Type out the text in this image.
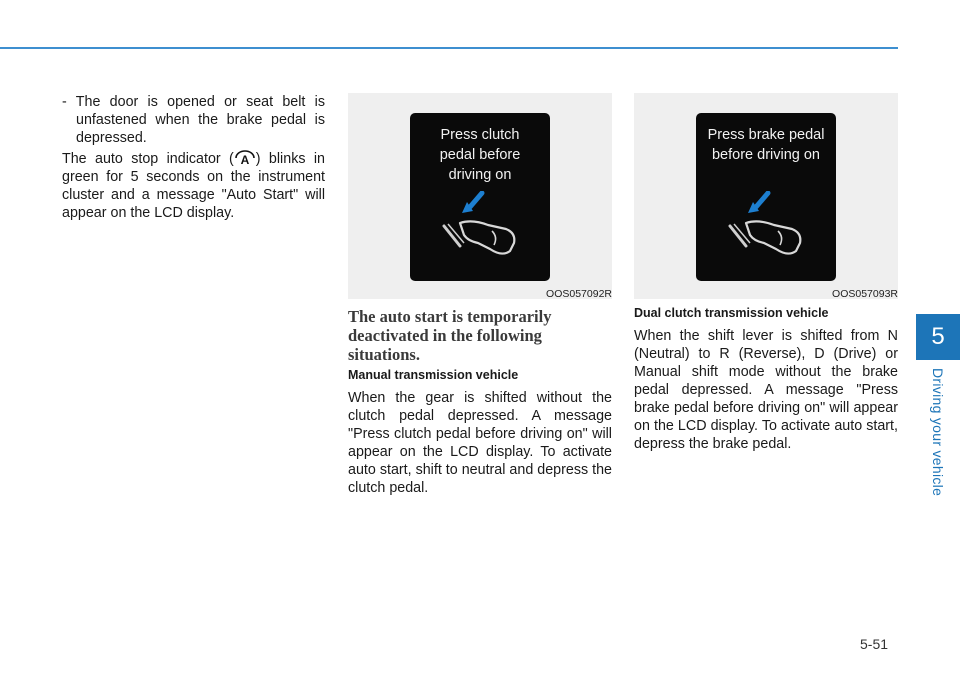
5
Driving your vehicle

- The door is opened or seat belt is unfastened when the brake pedal is depressed.

The auto stop indicator ( A ) blinks in green for 5 seconds on the instrument cluster and a message "Auto Start" will appear on the LCD display.

Press clutch
pedal before
driving on
OOS057092R
Press brake pedal
before driving on
OOS057093R
The auto start is temporarily deactivated in the following situations.
Manual transmission vehicle

When the gear is shifted without the clutch pedal depressed. A message "Press clutch pedal before driving on" will appear on the LCD display. To activate auto start, shift to neutral and depress the clutch pedal.

Dual clutch transmission vehicle

When the shift lever is shifted from N (Neutral) to R (Reverse), D (Drive) or Manual shift mode without the brake pedal depressed. A message "Press brake pedal before driving on" will appear on the LCD display. To activate auto start, depress the brake pedal.

5-51
